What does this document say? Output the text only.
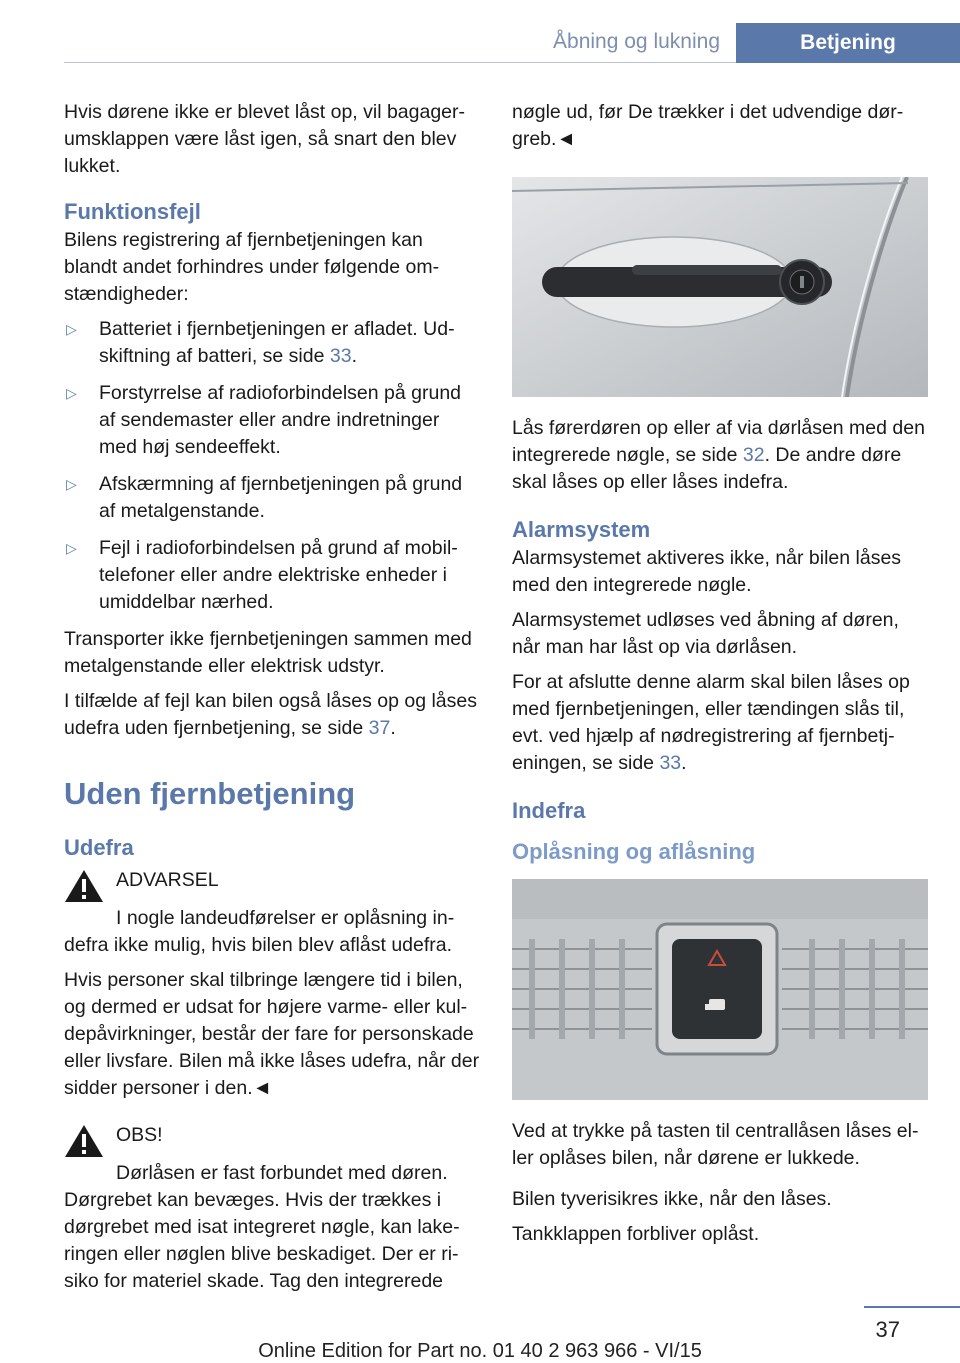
Åbning og lukning	Betjening

Hvis dørene ikke er blevet låst op, vil bagagerumsklappen være låst igen, så snart den blev lukket.

Funktionsfejl

Bilens registrering af fjernbetjeningen kan blandt andet forhindres under følgende omstændigheder:

▷ Batteriet i fjernbetjeningen er afladet. Udskiftning af batteri, se side 33.
▷ Forstyrrelse af radioforbindelsen på grund af sendemaster eller andre indretninger med høj sendeeffekt.
▷ Afskærmning af fjernbetjeningen på grund af metalgenstande.
▷ Fejl i radioforbindelsen på grund af mobiltelefoner eller andre elektriske enheder i umiddelbar nærhed.

Transporter ikke fjernbetjeningen sammen med metalgenstande eller elektrisk udstyr.

I tilfælde af fejl kan bilen også låses op og låses udefra uden fjernbetjening, se side 37.

Uden fjernbetjening
Udefra
ADVARSEL

I nogle landeudførelser er oplåsning indefra ikke mulig, hvis bilen blev aflåst udefra.

Hvis personer skal tilbringe længere tid i bilen, og dermed er udsat for højere varme- eller kuldepåvirkninger, består der fare for personskade eller livsfare. Bilen må ikke låses udefra, når der sidder personer i den.◄

OBS!

Dørlåsen er fast forbundet med døren. Dørgrebet kan bevæges. Hvis der trækkes i dørgrebet med isat integreret nøgle, kan lakeringen eller nøglen blive beskadiget. Der er risiko for materiel skade. Tag den integrerede

nøgle ud, før De trækker i det udvendige dørgreb.◄

Lås førerdøren op eller af via dørlåsen med den integrerede nøgle, se side 32. De andre døre skal låses op eller låses indefra.

Alarmsystem

Alarmsystemet aktiveres ikke, når bilen låses med den integrerede nøgle.

Alarmsystemet udløses ved åbning af døren, når man har låst op via dørlåsen.

For at afslutte denne alarm skal bilen låses op med fjernbetjeningen, eller tændingen slås til, evt. ved hjælp af nødregistrering af fjernbetjeningen, se side 33.

Indefra
Oplåsning og aflåsning

Ved at trykke på tasten til centrallåsen låses eller oplåses bilen, når dørene er lukkede.

Bilen tyverisikres ikke, når den låses.

Tankklappen forbliver oplåst.

37
Online Edition for Part no. 01 40 2 963 966 - VI/15
